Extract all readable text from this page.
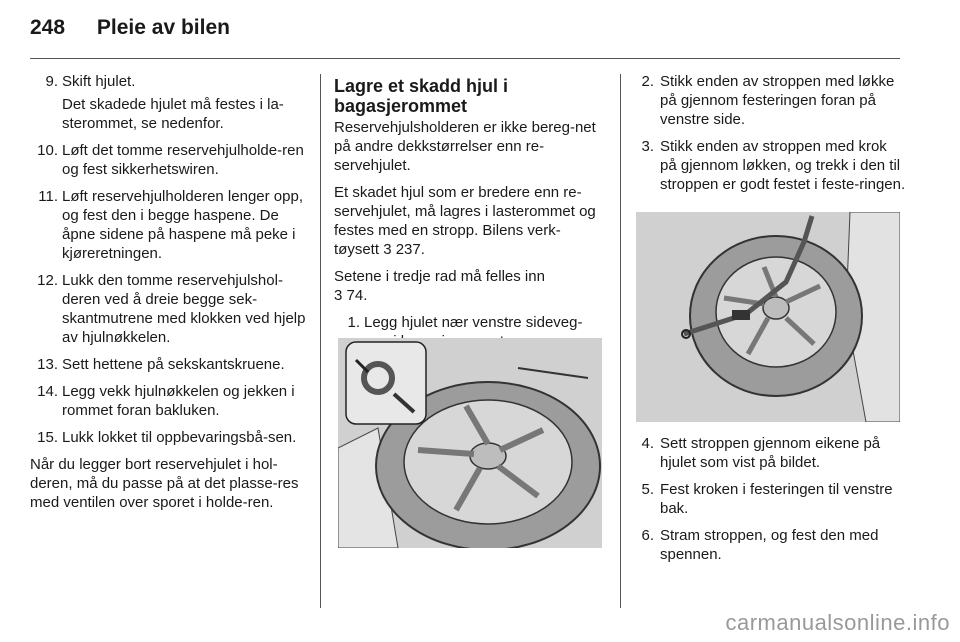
248 Pleie av bilen
9. Skift hjulet.
Det skadede hjulet må festes i la-sterommet, se nedenfor.
10. Løft det tomme reservehjulholde-ren og fest sikkerhetswiren.
11. Løft reservehjulholderen lenger opp, og fest den i begge haspene. De åpne sidene på haspene må peke i kjøreretningen.
12. Lukk den tomme reservehjulshol-deren ved å dreie begge sek-skantmutrene med klokken ved hjelp av hjulnøkkelen.
13. Sett hettene på sekskantskruene.
14. Legg vekk hjulnøkkelen og jekken i rommet foran bakluken.
15. Lukk lokket til oppbevaringsbå-sen.
Når du legger bort reservehjulet i hol-deren, må du passe på at det plasse-res med ventilen over sporet i holde-ren.
Lagre et skadd hjul i bagasjerommet
Reservehjulsholderen er ikke bereg-net på andre dekkstørrelser enn re-servehjulet.
Et skadet hjul som er bredere enn re-servehjulet, må lagres i lasterommet og festes med en stropp. Bilens verk-tøysett 3 237.
Setene i tredje rad må felles inn
3 74.
1. Legg hjulet nær venstre sideveg-
2. Stikk enden av stroppen med løkke på gjennom festeringen foran på venstre side.
3. Stikk enden av stroppen med krok på gjennom løkken, og trekk i den til stroppen er godt festet i feste-ringen.
4. Sett stroppen gjennom eikene på hjulet som vist på bildet.
5. Fest kroken i festeringen til venstre bak.
6. Stram stroppen, og fest den med spennen.
carmanualsonline.info
